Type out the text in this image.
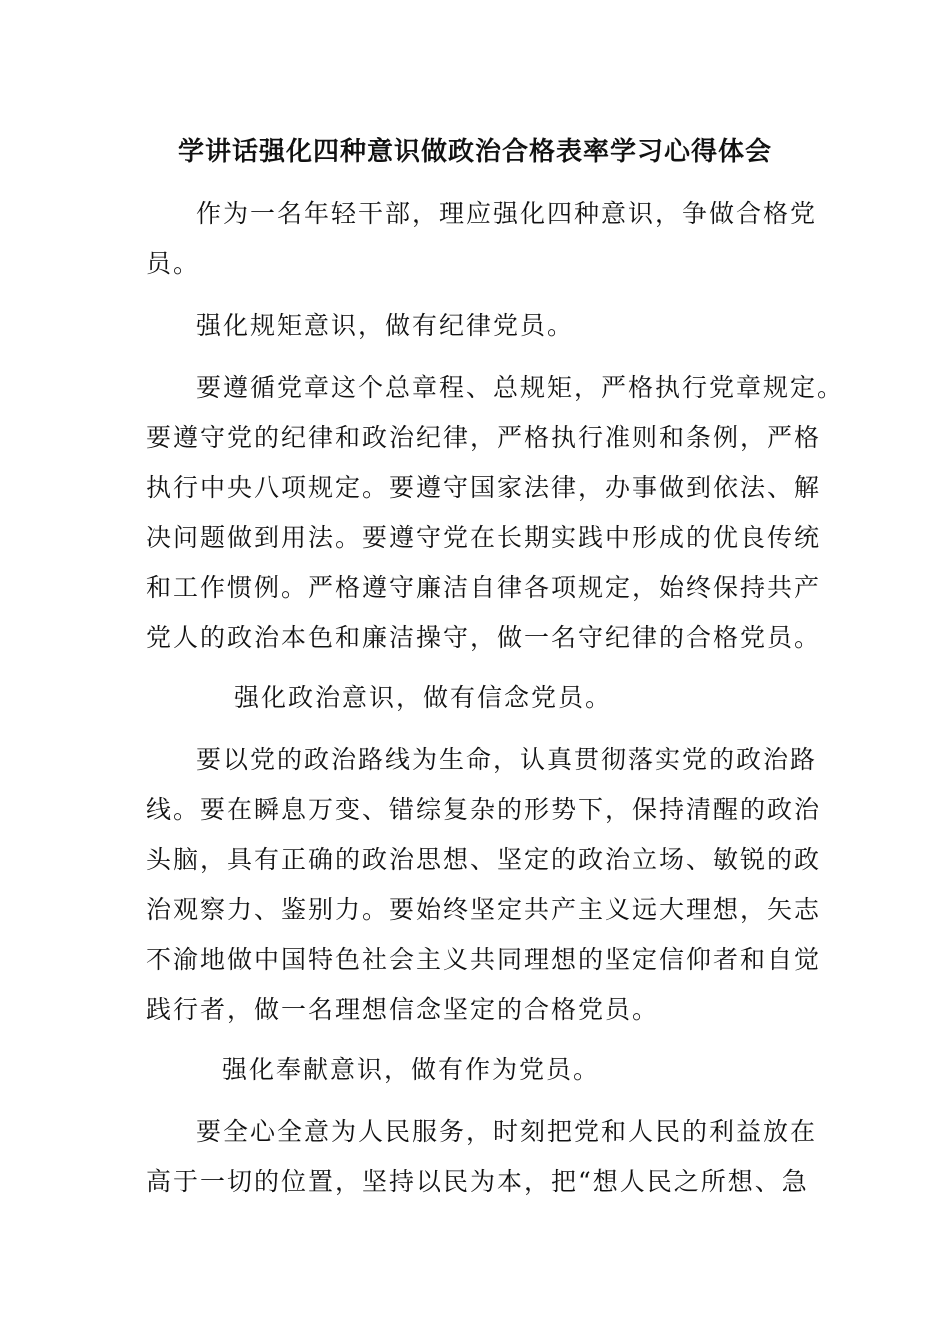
学讲话强化四种意识做政治合格表率学习心得体会
作为一名年轻干部，理应强化四种意识，争做合格党
员。
强化规矩意识，做有纪律党员。
要遵循党章这个总章程、总规矩，严格执行党章规定。
要遵守党的纪律和政治纪律，严格执行准则和条例，严格
执行中央八项规定。要遵守国家法律，办事做到依法、解
决问题做到用法。要遵守党在长期实践中形成的优良传统
和工作惯例。严格遵守廉洁自律各项规定，始终保持共产
党人的政治本色和廉洁操守，做一名守纪律的合格党员。
强化政治意识，做有信念党员。
要以党的政治路线为生命，认真贯彻落实党的政治路
线。要在瞬息万变、错综复杂的形势下，保持清醒的政治
头脑，具有正确的政治思想、坚定的政治立场、敏锐的政
治观察力、鉴别力。要始终坚定共产主义远大理想，矢志
不渝地做中国特色社会主义共同理想的坚定信仰者和自觉
践行者，做一名理想信念坚定的合格党员。
强化奉献意识，做有作为党员。
要全心全意为人民服务，时刻把党和人民的利益放在
高于一切的位置，坚持以民为本，把“想人民之所想、急
